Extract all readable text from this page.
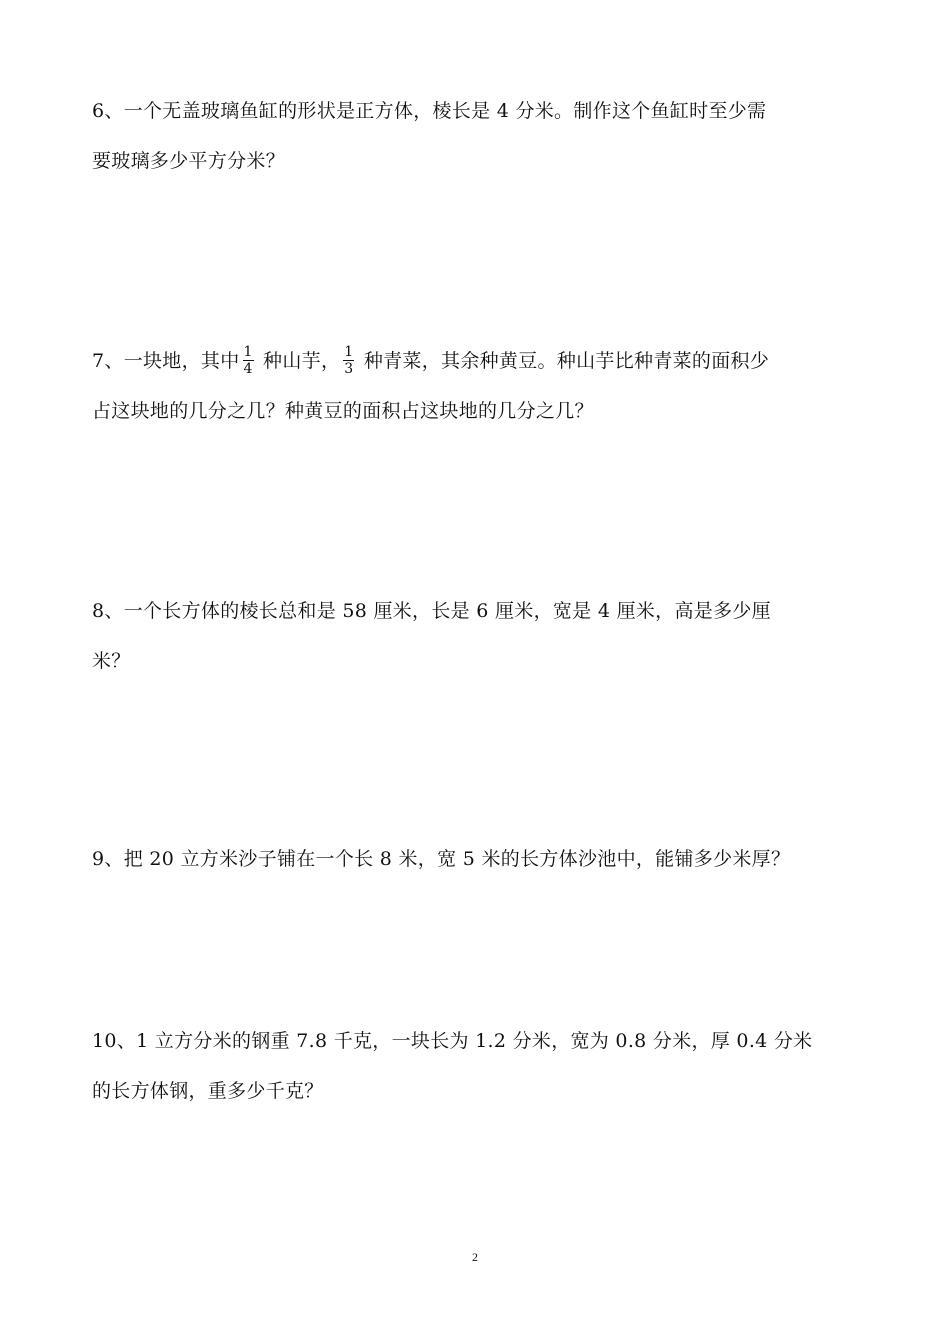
6、一个无盖玻璃鱼缸的形状是正方体，棱长是 4 分米。制作这个鱼缸时至少需
要玻璃多少平方分米？
7、一块地，其中 $\frac{1}{4}$ 种山芋， $\frac{1}{3}$ 种青菜，其余种黄豆。种山芋比种青菜的面积少
占这块地的几分之几？种黄豆的面积占这块地的几分之几？
8、一个长方体的棱长总和是 58 厘米，长是 6 厘米，宽是 4 厘米，高是多少厘
米？
9、把 20 立方米沙子铺在一个长 8 米，宽 5 米的长方体沙池中，能铺多少米厚？
10、1 立方分米的钢重 7.8 千克，一块长为 1.2 分米，宽为 0.8 分米，厚 0.4 分米
的长方体钢，重多少千克？
2
